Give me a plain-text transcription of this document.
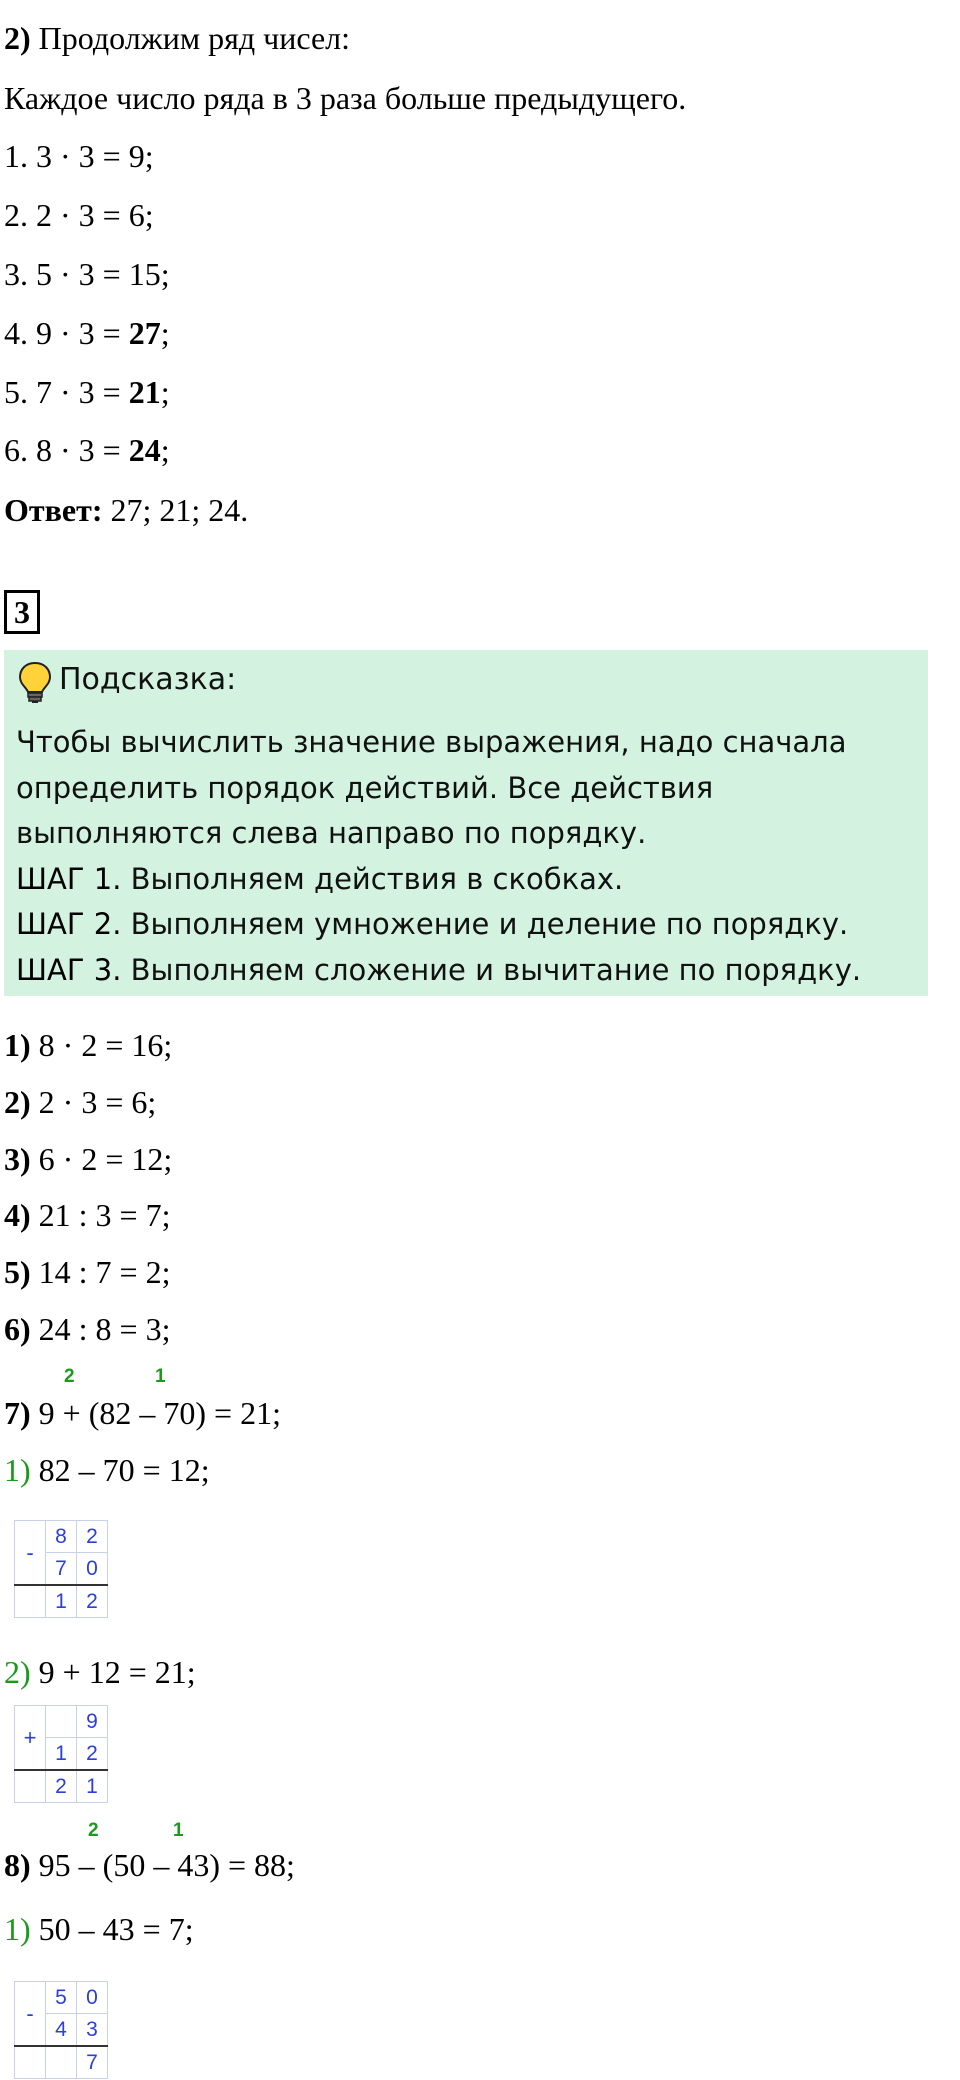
2) Продолжим ряд чисел:
Каждое число ряда в 3 раза больше предыдущего.
1. 3 · 3 = 9;
2. 2 · 3 = 6;
3. 5 · 3 = 15;
4. 9 · 3 = 27;
5. 7 · 3 = 21;
6. 8 · 3 = 24;
Ответ: 27; 21; 24.
3
Подсказка:
Чтобы вычислить значение выражения, надо сначала определить порядок действий. Все действия выполняются слева направо по порядку.
ШАГ 1. Выполняем действия в скобках.
ШАГ 2. Выполняем умножение и деление по порядку.
ШАГ 3. Выполняем сложение и вычитание по порядку.
1) 8 · 2 = 16;
2) 2 · 3 = 6;
3) 6 · 2 = 12;
4) 21 : 3 = 7;
5) 14 : 7 = 2;
6) 24 : 8 = 3;
2	1
7) 9 + (82 – 70) = 21;
1) 82 – 70 = 12;
-	8	2
	7	0
	1	2
2) 9 + 12 = 21;
+		9
	1	2
	2	1
2	1
8) 95 – (50 – 43) = 88;
1) 50 – 43 = 7;
-	5	0
	4	3
		7
